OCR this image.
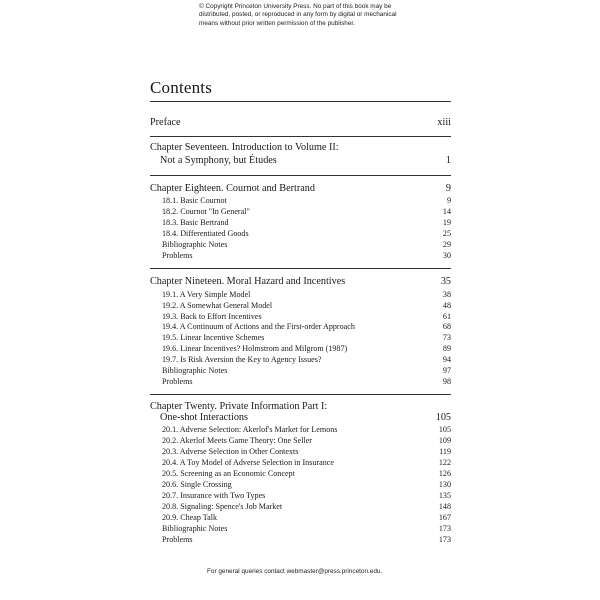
© Copyright Princeton University Press. No part of this book may be
distributed, posted, or reproduced in any form by digital or mechanical
means without prior written permission of the publisher.
Contents
Preface	xiii
Chapter Seventeen. Introduction to Volume II:
Not a Symphony, but Études	1
Chapter Eighteen. Cournot and Bertrand	9
18.1. Basic Cournot	9
18.2. Cournot "In General"	14
18.3. Basic Bertrand	19
18.4. Differentiated Goods	25
Bibliographic Notes	29
Problems	30
Chapter Nineteen. Moral Hazard and Incentives	35
19.1. A Very Simple Model	38
19.2. A Somewhat General Model	48
19.3. Back to Effort Incentives	61
19.4. A Continuum of Actions and the First-order Approach	68
19.5. Linear Incentive Schemes	73
19.6. Linear Incentives? Holmstrom and Milgrom (1987)	89
19.7. Is Risk Aversion the Key to Agency Issues?	94
Bibliographic Notes	97
Problems	98
Chapter Twenty. Private Information Part I:
One-shot Interactions	105
20.1. Adverse Selection: Akerlof's Market for Lemons	105
20.2. Akerlof Meets Game Theory: One Seller	109
20.3. Adverse Selection in Other Contexts	119
20.4. A Toy Model of Adverse Selection in Insurance	122
20.5. Screening as an Economic Concept	126
20.6. Single Crossing	130
20.7. Insurance with Two Types	135
20.8. Signaling: Spence's Job Market	148
20.9. Cheap Talk	167
Bibliographic Notes	173
Problems	173
For general queries contact webmaster@press.princeton.edu.
